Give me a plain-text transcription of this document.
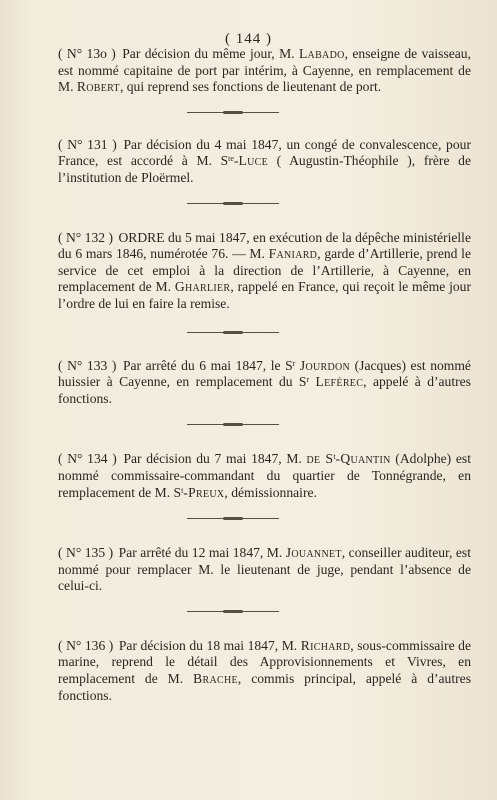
( 144 )

( N° 13o ) Par décision du même jour, M. Labado, enseigne de vaisseau, est nommé capitaine de port par intérim, à Cayenne, en remplacement de M. Robert, qui reprend ses fonctions de lieutenant de port.

( N° 131 ) Par décision du 4 mai 1847, un congé de convalescence, pour France, est accordé à M. $S^{te}$-Luce ( Augustin-Théophile ), frère de l’institution de Ploërmel.

( N° 132 ) ORDRE du 5 mai 1847, en exécution de la dépêche ministérielle du 6 mars 1846, numérotée 76. — M. Faniard, garde d’Artillerie, prend le service de cet emploi à la direction de l’Artillerie, à Cayenne, en remplacement de M. Gharlier, rappelé en France, qui reçoit le même jour l’ordre de lui en faire la remise.

( N° 133 ) Par arrêté du 6 mai 1847, le $S^r$ Jourdon (Jacques) est nommé huissier à Cayenne, en remplacement du $S^r$ Leférec, appelé à d’autres fonctions.

( N° 134 ) Par décision du 7 mai 1847, M. de $S^t$-Quantin (Adolphe) est nommé commissaire-commandant du quartier de Tonnégrande, en remplacement de M. $S^t$-Preux, démissionnaire.

( N° 135 ) Par arrêté du 12 mai 1847, M. Jouannet, conseiller auditeur, est nommé pour remplacer M. le lieutenant de juge, pendant l’absence de celui-ci.

( N° 136 ) Par décision du 18 mai 1847, M. Richard, sous-commissaire de marine, reprend le détail des Approvisionnements et Vivres, en remplacement de M. Brache, commis principal, appelé à d’autres fonctions.
